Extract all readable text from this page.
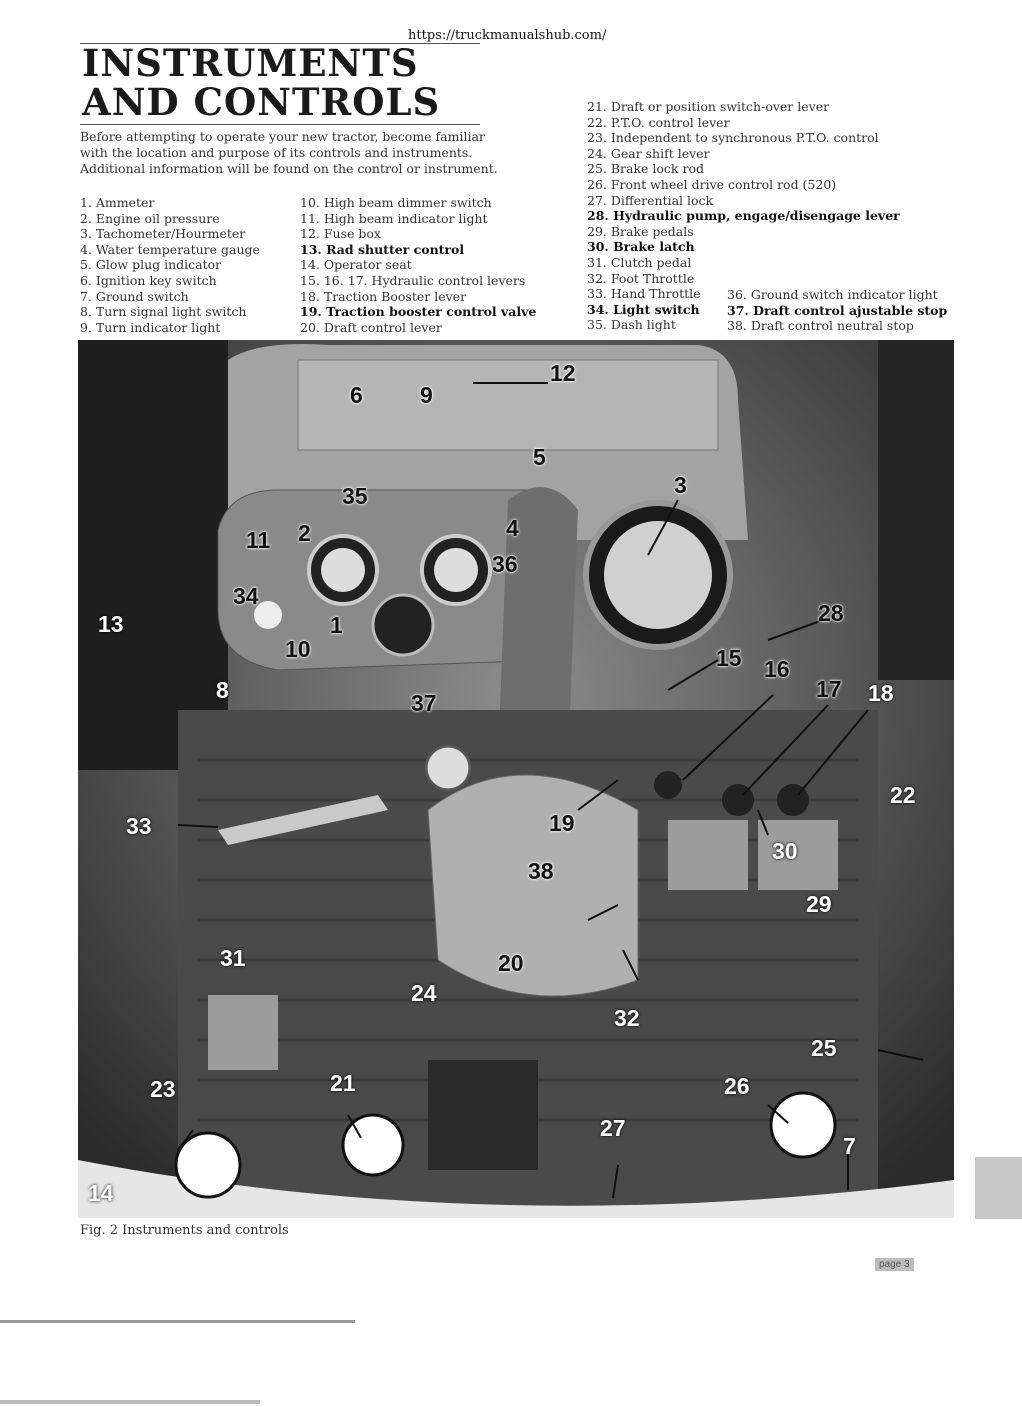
https://truckmanualshub.com/
INSTRUMENTS
AND CONTROLS
Before attempting to operate your new tractor, become familiar with the location and purpose of its controls and instruments. Additional information will be found on the control or instrument.
1. Ammeter
2. Engine oil pressure
3. Tachometer/Hourmeter
4. Water temperature gauge
5. Glow plug indicator
6. Ignition key switch
7. Ground switch
8. Turn signal light switch
9. Turn indicator light
10. High beam dimmer switch
11. High beam indicator light
12. Fuse box
13. Rad shutter control
14. Operator seat
15. 16. 17. Hydraulic control levers
18. Traction Booster lever
19. Traction booster control valve
20. Draft control lever
21. Draft or position switch-over lever
22. P.T.O. control lever
23. Independent to synchronous P.T.O. control
24. Gear shift lever
25. Brake lock rod
26. Front wheel drive control rod (520)
27. Differential lock
28. Hydraulic pump, engage/disengage lever
29. Brake pedals
30. Brake latch
31. Clutch pedal
32. Foot Throttle
33. Hand Throttle
34. Light switch
35. Dash light
36. Ground switch indicator light
37. Draft control ajustable stop
38. Draft control neutral stop
12
6 9
5
3
35
4
2
11
36
34
13	28
1
10	15 16
17 18
8	37
19
22
33
30
38
29
20
31
24
32
25
23	21	26
27
7
14
Fig. 2 Instruments and controls
page 3
